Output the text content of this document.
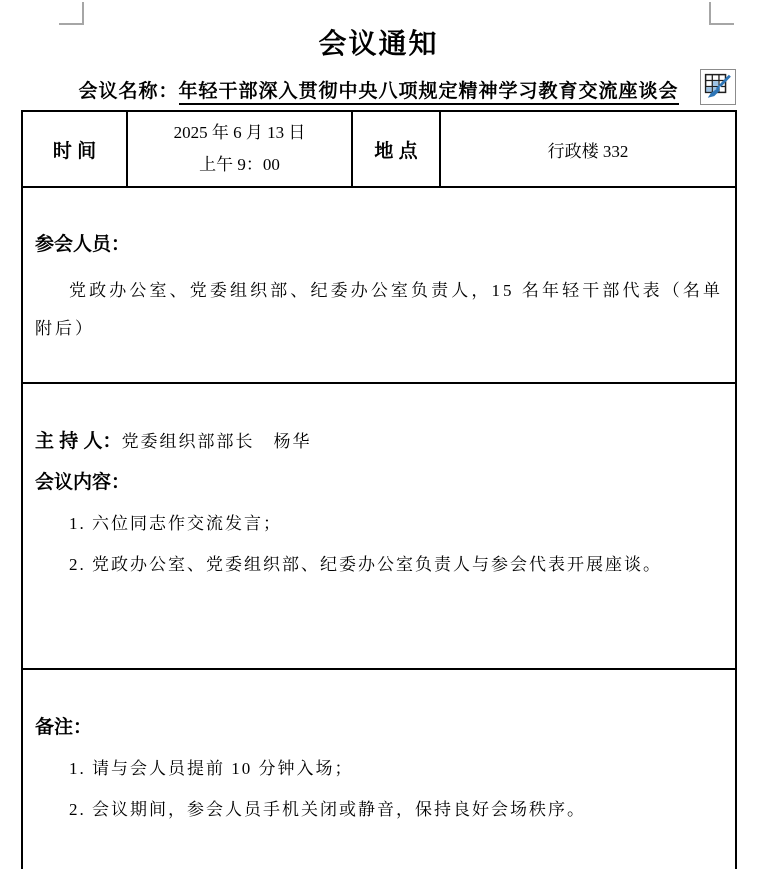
会议通知
会议名称：年轻干部深入贯彻中央八项规定精神学习教育交流座谈会
时 间
2025 年 6 月 13 日
上午 9：00
地 点	行政楼 332
参会人员：
党政办公室、党委组织部、纪委办公室负责人，15 名年轻干部代表（名单附后）
主 持 人：党委组织部部长　杨华
会议内容：
1. 六位同志作交流发言；
2. 党政办公室、党委组织部、纪委办公室负责人与参会代表开展座谈。
备注：
1. 请与会人员提前 10 分钟入场；
2. 会议期间，参会人员手机关闭或静音，保持良好会场秩序。
